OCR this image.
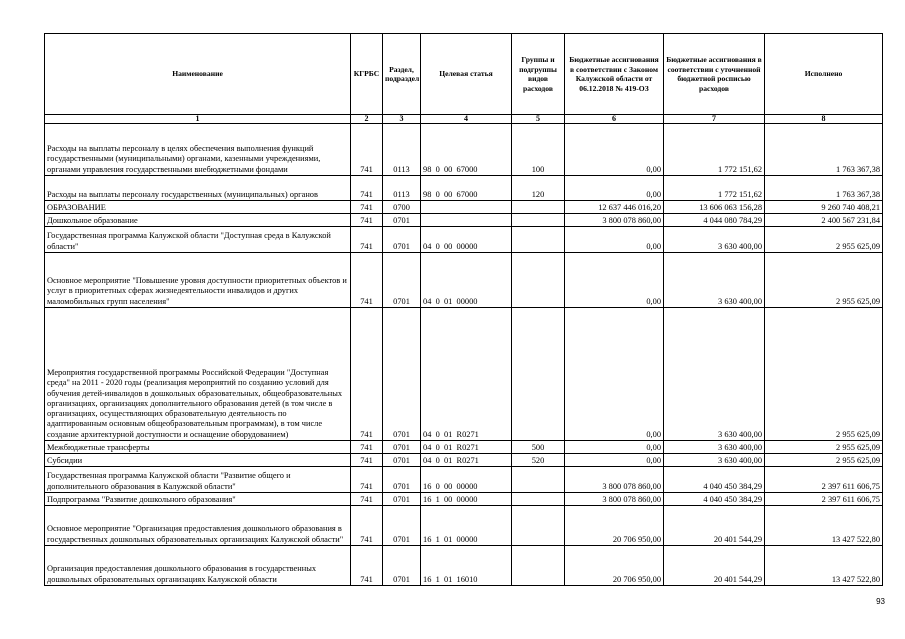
Наименование	КГРБС	Раздел, подраздел	Целевая статья	Группы и подгруппы видов расходов	Бюджетные ассигнования в соответствии с Законом Калужской области от 06.12.2018 № 419-ОЗ	Бюджетные ассигнования в соответствии с уточненной бюджетной росписью расходов	Исполнено
1	2	3	4	5	6	7	8
Расходы на выплаты персоналу в целях обеспечения выполнения функций государственными (муниципальными) органами, казенными учреждениями, органами управления государственными внебюджетными фондами	741	0113	98  0  00  67000	100	0,00	1 772 151,62	1 763 367,38
Расходы на выплаты персоналу государственных (муниципальных) органов	741	0113	98  0  00  67000	120	0,00	1 772 151,62	1 763 367,38
ОБРАЗОВАНИЕ	741	0700			12 637 446 016,20	13 606 063 156,28	9 260 740 408,21
Дошкольное образование	741	0701			3 800 078 860,00	4 044 080 784,29	2 400 567 231,84
Государственная программа Калужской области "Доступная среда в Калужской области"	741	0701	04  0  00  00000		0,00	3 630 400,00	2 955 625,09
Основное мероприятие "Повышение уровня доступности приоритетных объектов и услуг в приоритетных сферах жизнедеятельности инвалидов и других маломобильных групп населения"	741	0701	04  0  01  00000		0,00	3 630 400,00	2 955 625,09
Мероприятия государственной программы Российской Федерации "Доступная среда" на 2011 - 2020 годы (реализация мероприятий по созданию условий для обучения детей-инвалидов в дошкольных образовательных, общеобразовательных организациях, организациях дополнительного образования детей (в том числе в организациях, осуществляющих образовательную деятельность по адаптированным основным общеобразовательным программам), в том числе создание архитектурной доступности и оснащение оборудованием)	741	0701	04  0  01  R0271		0,00	3 630 400,00	2 955 625,09
Межбюджетные трансферты	741	0701	04  0  01  R0271	500	0,00	3 630 400,00	2 955 625,09
Субсидии	741	0701	04  0  01  R0271	520	0,00	3 630 400,00	2 955 625,09
Государственная программа Калужской области "Развитие общего и дополнительного образования в Калужской области"	741	0701	16  0  00  00000		3 800 078 860,00	4 040 450 384,29	2 397 611 606,75
Подпрограмма "Развитие дошкольного образования"	741	0701	16  1  00  00000		3 800 078 860,00	4 040 450 384,29	2 397 611 606,75
Основное мероприятие "Организация предоставления дошкольного образования в государственных дошкольных образовательных организациях Калужской области"	741	0701	16  1  01  00000		20 706 950,00	20 401 544,29	13 427 522,80
Организация предоставления дошкольного образования в государственных дошкольных образовательных организациях Калужской области	741	0701	16  1  01  16010		20 706 950,00	20 401 544,29	13 427 522,80
93
